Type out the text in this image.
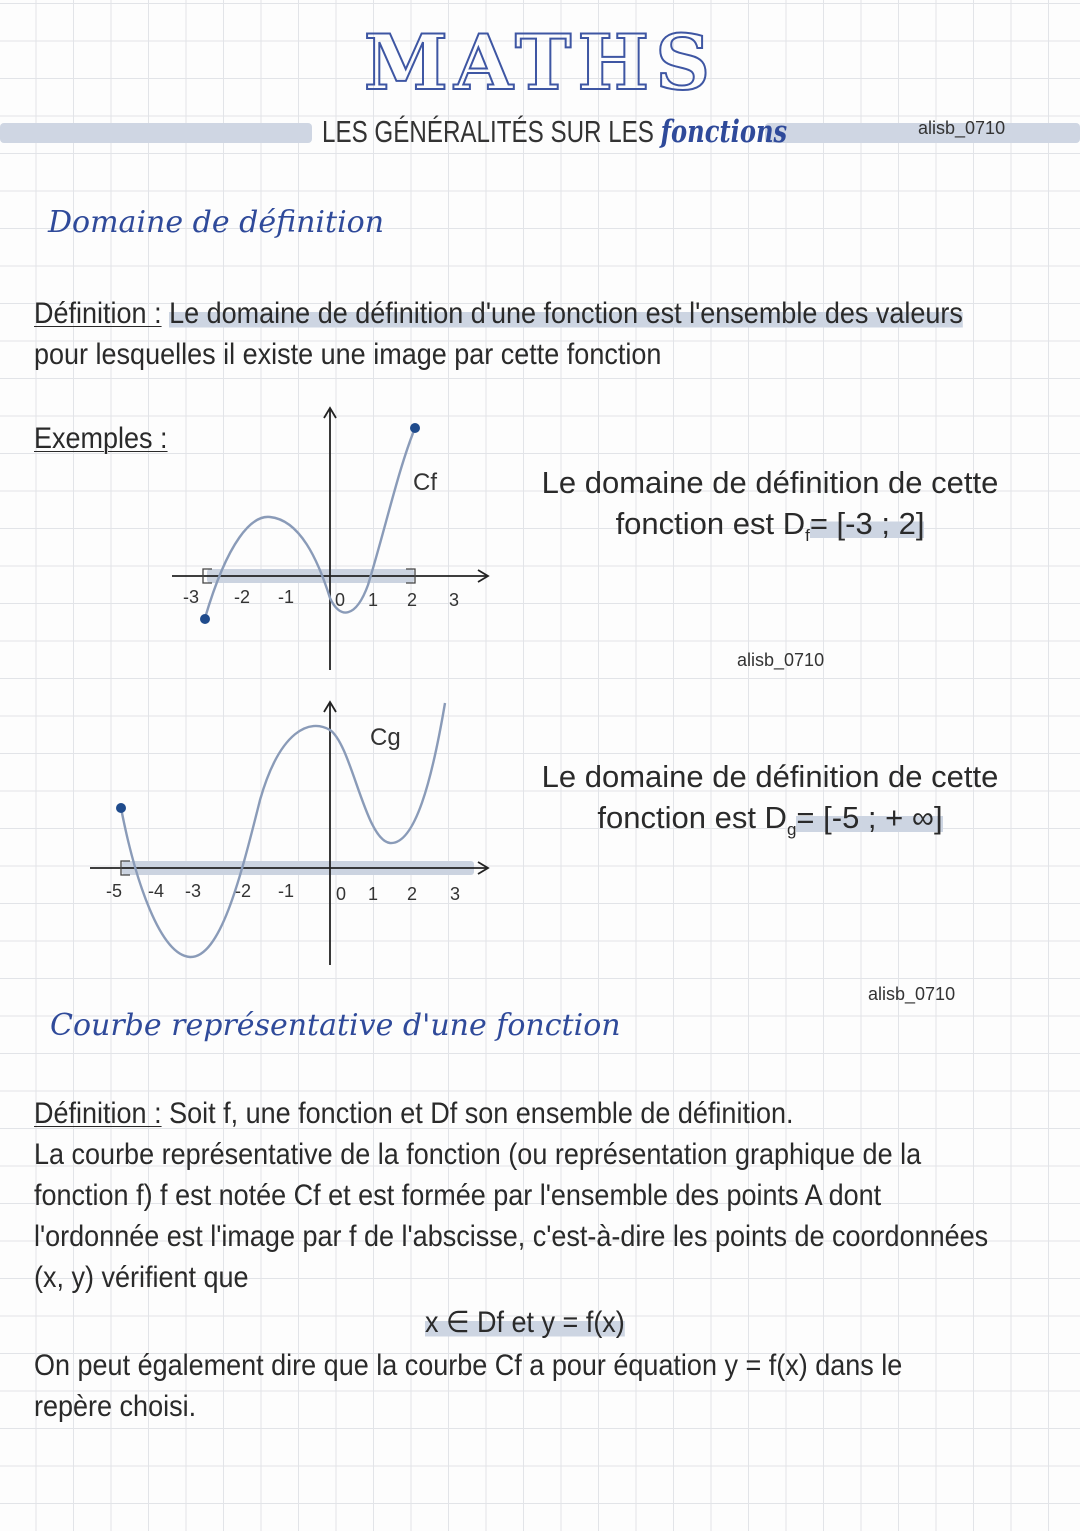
MATHS
LES GÉNÉRALITÉS SUR LES fonctions	alisb_0710
Domaine de définition
Définition : Le domaine de définition d'une fonction est l'ensemble des valeurs
pour lesquelles il existe une image par cette fonction
Exemples :
-3 -2 -1 0 1 2 3
Cf	Le domaine de définition de cette
fonction est $D_f= [-3$ ; 2]
alisb_0710
-5 -4 -3 -2 -1 0 1 2 3
Cg
Le domaine de définition de cette
fonction est $D_g= [-5$ ; + ∞]
alisb_0710
Courbe représentative d'une fonction
Définition : Soit f, une fonction et Df son ensemble de définition.
La courbe représentative de la fonction (ou représentation graphique de la
fonction f) f est notée Cf et est formée par l'ensemble des points A dont
l'ordonnée est l'image par f de l'abscisse, c'est-à-dire les points de coordonnées
(x, y) vérifient que
x ∈ Df et y = f(x)
On peut également dire que la courbe Cf a pour équation y = f(x) dans le
repère choisi.
